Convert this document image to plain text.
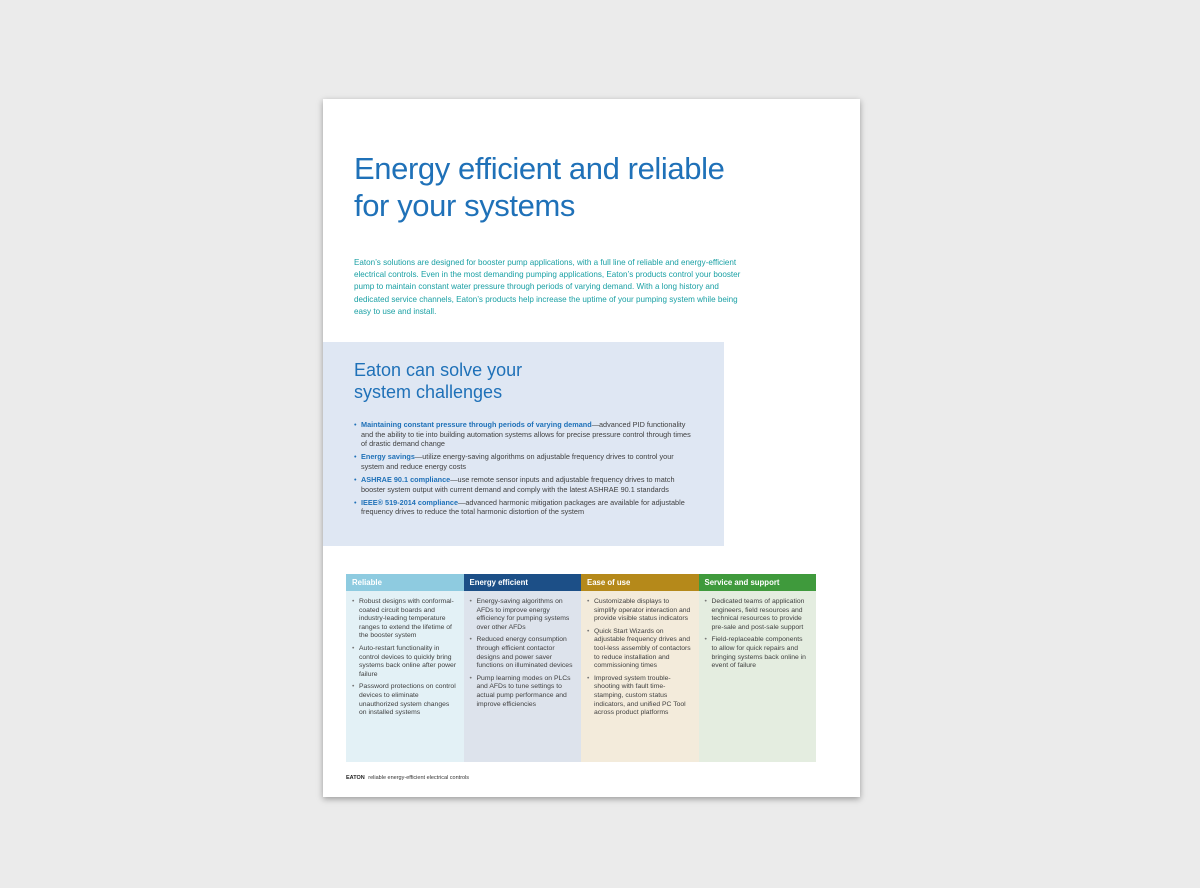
Energy efficient and reliable
for your systems

Eaton’s solutions are designed for booster pump applications, with a full line of reliable and energy-efficient electrical controls. Even in the most demanding pumping applications, Eaton’s products control your booster pump to maintain constant water pressure through periods of varying demand. With a long history and dedicated service channels, Eaton’s products help increase the uptime of your pumping system while being easy to use and install.

Eaton can solve your
system challenges
• Maintaining constant pressure through periods of varying demand—advanced PID functionality and the ability to tie into building automation systems allows for precise pressure control through times of drastic demand change
• Energy savings—utilize energy-saving algorithms on adjustable frequency drives to control your system and reduce energy costs
• ASHRAE 90.1 compliance—use remote sensor inputs and adjustable frequency drives to match booster system output with current demand and comply with the latest ASHRAE 90.1 standards
• IEEE® 519-2014 compliance—advanced harmonic mitigation packages are available for adjustable frequency drives to reduce the total harmonic distortion of the system
Reliable
• Robust designs with conformal-coated circuit boards and industry-leading temperature ranges to extend the lifetime of the booster system
• Auto-restart functionality in control devices to quickly bring systems back online after power failure
• Password protections on control devices to eliminate unauthorized system changes on installed systems
Energy efficient
• Energy-saving algorithms on AFDs to improve energy efficiency for pumping systems over other AFDs
• Reduced energy consumption through efficient contactor designs and power saver functions on illuminated devices
• Pump learning modes on PLCs and AFDs to tune settings to actual pump performance and improve efficiencies
Ease of use
• Customizable displays to simplify operator interaction and provide visible status indicators
• Quick Start Wizards on adjustable frequency drives and tool-less assembly of contactors to reduce installation and commissioning times
• Improved system trouble-shooting with fault time-stamping, custom status indicators, and unified PC Tool across product platforms
Service and support
• Dedicated teams of application engineers, field resources and technical resources to provide pre-sale and post-sale support
• Field-replaceable components to allow for quick repairs and bringing systems back online in event of failure
EATON reliable energy-efficient electrical controls
